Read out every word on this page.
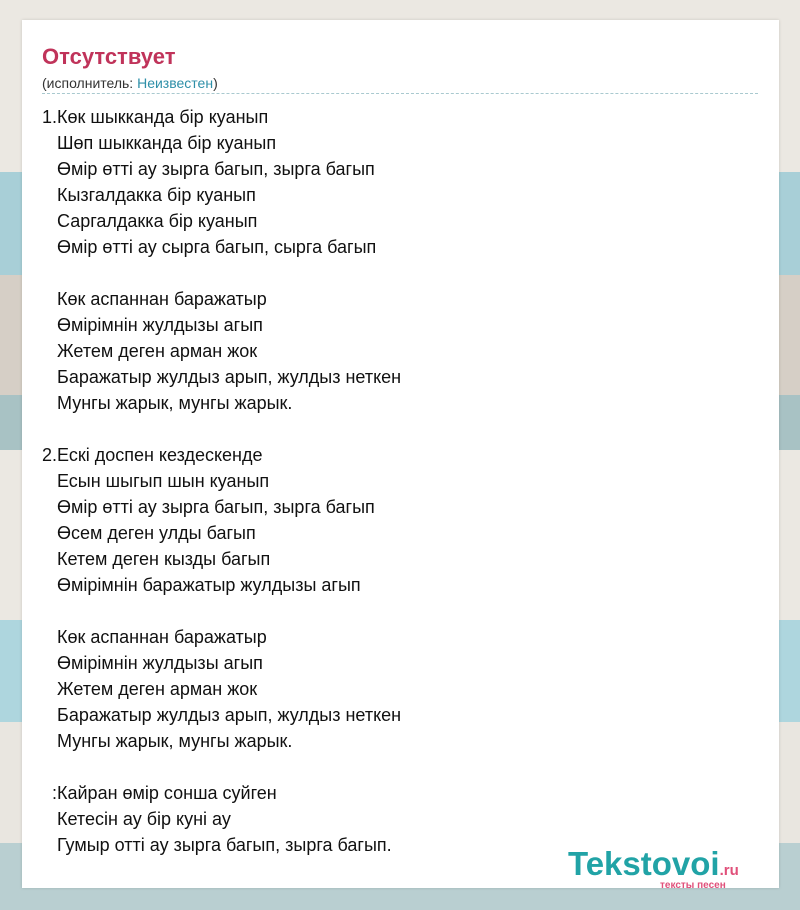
Отсутствует
(исполнитель: Неизвестен)
1.Көк шыкканда бір куанып
Шөп шыкканда бір куанып
Өмір өтті ау зырга багып, зырга багып
Кызгалдакка бір куанып
Саргалдакка бір куанып
Өмір өтті ау сырга багып, сырга багып
Көк аспаннан баражатыр
Өмірімнін жулдызы агып
Жетем деген арман жок
Баражатыр жулдыз арып, жулдыз неткен
Мунгы жарык, мунгы жарык.
2.Ескі доспен кездескенде
Есын шыгып шын куанып
Өмір өтті ау зырга багып, зырга багып
Өсем деген улды багып
Кетем деген кызды багып
Өмірімнін баражатыр жулдызы агып
Көк аспаннан баражатыр
Өмірімнін жулдызы агып
Жетем деген арман жок
Баражатыр жулдыз арып, жулдыз неткен
Мунгы жарык, мунгы жарык.
:Кайран өмір сонша суйген
Кетесін ау бір куні ау
Гумыр отті ау зырга багып, зырга багып.	Tekstovoi.ru
тексты песен
